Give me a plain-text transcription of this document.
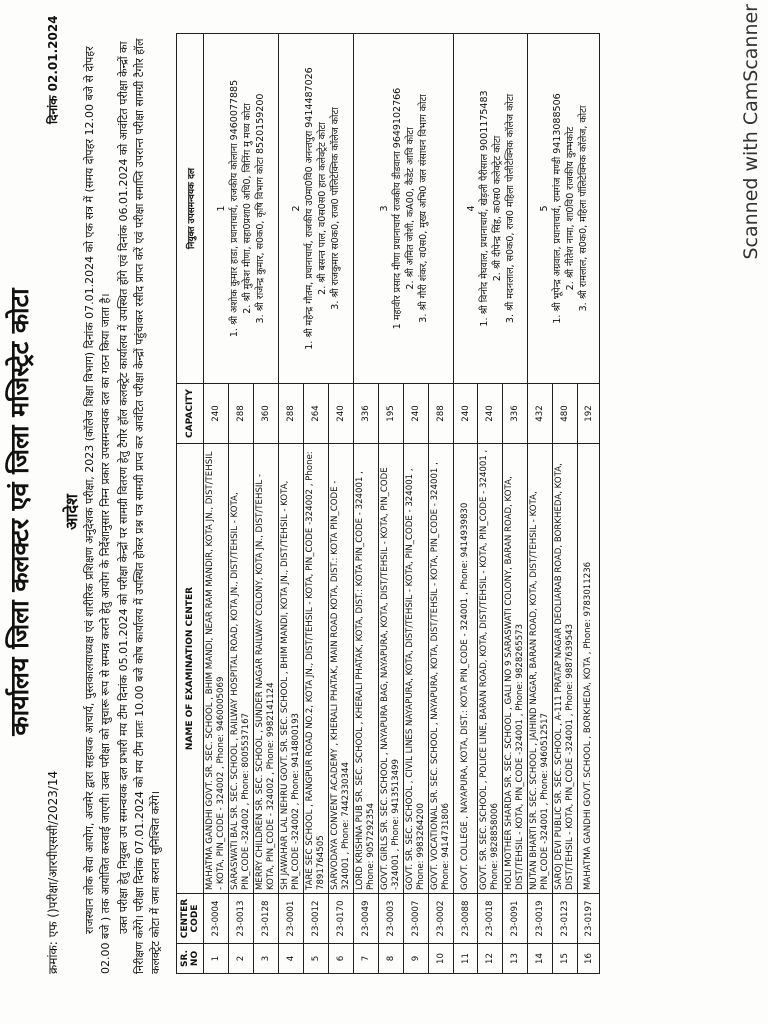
कार्यालय जिला कलक्टर एवं जिला मजिस्ट्रेट कोटा
क्रमांक: एफ ()परीक्षा/आरपीएससी/2023/14
दिनांक 02.01.2024
आदेश राजस्थान लोक सेवा आयोग, अजमेर द्वारा सहायक आचार्य, पुस्तकालयाध्यक्ष एवं शारीरिक प्रशिक्षण अनुदेशक परीक्षा, 2023 (कॉलेज शिक्षा विभाग) दिनांक 07.01.2024 को एक सत्र में (समय दोपहर 12.00 बजे से दोपहर 02.00 बजे ) तक आयोजित करवाई जाएगी। उक्त परीक्षा को सुचारू रूप से सम्पन्न कराने हेतु आयोग के निर्देशानुसार निम्न प्रकार उपसमन्वयक दल का गठन किया जाता है। उक्त परीक्षा हेतु नियुक्त उप समन्वयक दल प्रभारी मय टीम दिनांक 05.01.2024 को परीक्षा केन्द्रों पर सामग्री वितरण हेतु टैगोर हॉल कलक्ट्रेट कार्यालय में उपस्थित होंगे एवं दिनांक 06.01.2024 को आवंटित परीक्षा केन्द्रों का निरीक्षण करेंगे। परीक्षा दिनांक 07.01.2024 को मय टीम प्रातः 10.00 बजे कोष कार्यालय में उपस्थित होकर प्रश्न पत्र सामग्री प्राप्त कर आवंटित परीक्षा केन्द्रों पहुंचाकर रसीद प्राप्त करें एवं परीक्षा समाप्ति उपरान्त परीक्षा सामग्री टैगोर हॉल कलक्ट्रेट कोटा में जमा कराना सुनिश्चित करेंगे। SR. NO	CENTER CODE	NAME OF EXAMINATION CENTER	CAPACITY	नियुक्त उपसमन्वयक दल
1	23-0004	MAHATMA GANDHI GOVT. SR. SEC. SCHOOL , BHIM MANDI, NEAR RAM MANDIR, KOTA JN., DIST/TEHSIL - KOTA, PIN_CODE - 324002 , Phone: 9460005069	240	1 1. श्री अशोक कुमार हाडा, प्रधानाचार्य, राजकीय कोलाना 9460077885 2. श्री मुकेश मीणा, सहा0प्रशा0 अधि0, जिनिंग मु मध्य कोटा 3. श्री राजेन्द्र कुमार, स0क0, कृषि विभाग कोटा 8520159200

2	23-0013	SARASWATI BAL SR. SEC. SCHOOL , RAILWAY HOSPITAL ROAD, KOTA JN., DIST/TEHSIL - KOTA, PIN_CODE -324002 , Phone: 8005537167	288	
3	23-0128	MERRY CHILDREN SR. SEC. SCHOOL , SUNDER NAGAR RAILWAY COLONY, KOTA JN., DIST/TEHSIL - KOTA, PIN_CODE - 324002 , Phone: 9982141124	360	
4	23-0001	SH JAWAHAR LAL NEHRU GOVT. SR. SEC. SCHOOL , BHIM MANDI, KOTA JN., DIST/TEHSIL - KOTA, PIN_CODE -324002 , Phone: 9414800193	288	2 1. श्री महेन्द्र गौतम, प्रधानाचार्य, राजकीय उ0मा0वि0 अनन्तपुरा 9414487026 2. श्री बसन्त पाल, व0स0स0 हाल कलेक्ट्रेट कोटा 3. श्री राजकुमार स0क0, राज0 पॉलिटेक्निक कॉलेज कोटा

5	23-0012	TARE SEC SCHOOL , RANGPUR ROAD NO.2, KOTA JN., DIST/TEHSIL - KOTA, PIN_CODE -324002 , Phone: 7891764505	264	
6	23-0170	SARVODAYA CONVENT ACADEMY , KHERALI PHATAK, MAIN ROAD KOTA, DIST.: KOTA PIN_CODE - 324001 , Phone: 7442330344	240	
7	23-0049	LORD KRISHNA PUB SR. SEC. SCHOOL , KHERALI PHATAK, KOTA, DIST.: KOTA PIN_CODE - 324001 , Phone: 9057292354	336	3 1 महावीर प्रसाद मीणा प्रधानाचार्य राजकीय डीडवाना 9649102766 2. श्री अमित जोशी, कA00, कैडेट आवि कोटा 3. श्री गौरी शंकर, व0स0, मुख्य अभि0 जल संसाधन विभाग कोटा

8	23-0003	GOVT. GIRLS SR. SEC. SCHOOL , NAYAPURA BAG, NAYAPURA, KOTA, DIST/TEHSIL - KOTA, PIN_CODE -324001 , Phone: 9413513499	195	
9	23-0007	GOVT. SR. SEC. SCHOOL , CIVIL LINES NAYAPURA, KOTA, DIST/TEHSIL - KOTA, PIN_CODE - 324001 , Phone: 9983264200	240	
10	23-0002	GOVT. VOCATIONAL SR. SEC. SCHOOL , NAYAPURA, KOTA, DIST/TEHSIL - KOTA, PIN_CODE - 324001 , Phone: 9414731806	288	
11	23-0088	GOVT. COLLEGE , NAYAPURA, KOTA, DIST.: KOTA PIN_CODE - 324001 , Phone: 9414939830	240	4 1. श्री विनोद मेघवाल, प्रधानाचार्य, खेड़ली पैरीसाल 9001175483 2. श्री दीपेन्द्र सिंह, क0स0 कलेक्ट्रेट कोटा 3. श्री मदनलाल, स0क0, राज0 महिला पोलीटेक्निक कॉलेज कोटा

12	23-0018	GOVT. SR. SEC. SCHOOL , POLICE LINE, BARAN ROAD, KOTA, DIST/TEHSIL - KOTA, PIN_CODE - 324001 , Phone: 9828858006	240	
13	23-0091	HOLI MOTHER SHARDA SR. SEC. SCHOOL , GALI NO 9 SARASWATI COLONY, BARAN ROAD, KOTA, DIST/TEHSIL - KOTA, PIN_CODE -324001 , Phone: 9828265573	336	
14	23-0019	NUTAN BHARTI SR. SEC. SCHOOL , JAIHIND NAGAR, BARAN ROAD, KOTA, DIST/TEHSIL - KOTA, PIN_CODE -324001 , Phone: 9460512517	432	5 1. श्री भूपेन्द्र अग्रवाल, प्रधानाचार्य, रामगंज मण्डी 9413088506 2. श्री नीतेश नामा, शा0वि0 राजकीय कुम्भकोट 3. श्री रामलाल, स0क0, महिला पॉलिटेक्निक कॉलेज, कोटा

15	23-0123	SAROJ DEVI PUBLIC SR. SEC. SCHOOL , A-111 PRATAP NAGAR DEOLIARAB ROAD, BORKHEDA, KOTA, DIST/TEHSIL - KOTA, PIN_CODE -324001 , Phone: 9887639543	480	
16	23-0197	MAHATMA GANDHI GOVT. SCHOOL , BORKHEDA, KOTA , Phone: 9783011236	192	
Scanned with CamScanner
